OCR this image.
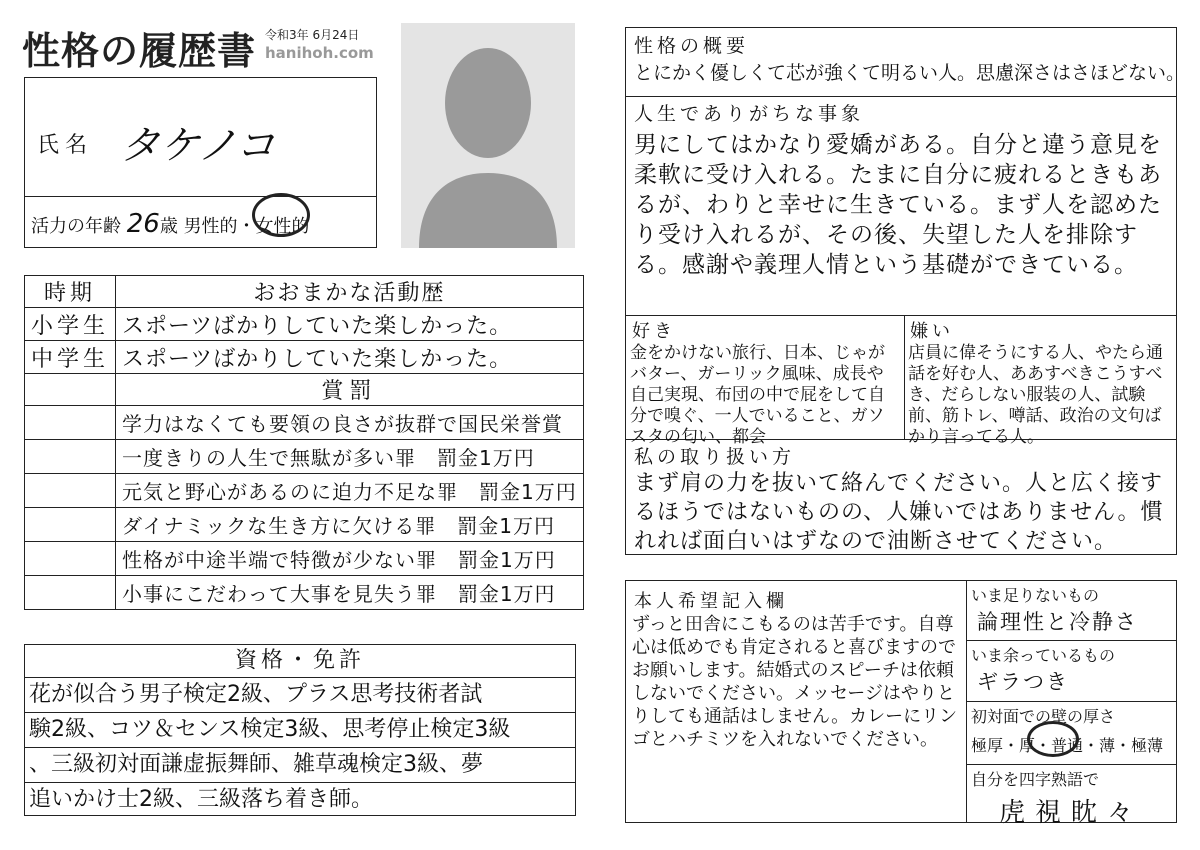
性格の履歴書 令和3年 6月24日
hanihoh.com
氏名 タケノコ
活力の年齢 26歳 男性的・女性的
時期	おおまかな活動歴
小学生	スポーツばかりしていた楽しかった。
中学生	スポーツばかりしていた楽しかった。
	賞罰
	学力はなくても要領の良さが抜群で国民栄誉賞
	一度きりの人生で無駄が多い罪　罰金1万円
	元気と野心があるのに迫力不足な罪　罰金1万円
	ダイナミックな生き方に欠ける罪　罰金1万円
	性格が中途半端で特徴が少ない罪　罰金1万円
	小事にこだわって大事を見失う罪　罰金1万円
資格・免許
花が似合う男子検定2級、プラス思考技術者試
験2級、コツ＆センス検定3級、思考停止検定3級
、三級初対面謙虚振舞師、雑草魂検定3級、夢
追いかけ士2級、三級落ち着き師。
性格の概要
とにかく優しくて芯が強くて明るい人。思慮深さはさほどない。
人生でありがちな事象
男にしてはかなり愛嬌がある。自分と違う意見を柔軟に受け入れる。たまに自分に疲れるときもあるが、わりと幸せに生きている。まず人を認めたり受け入れるが、その後、失望した人を排除する。感謝や義理人情という基礎ができている。
好き
金をかけない旅行、日本、じゃがバター、ガーリック風味、成長や自己実現、布団の中で屁をして自分で嗅ぐ、一人でいること、ガソスタの匂い、都会
嫌い
店員に偉そうにする人、やたら通話を好む人、ああすべきこうすべき、だらしない服装の人、試験前、筋トレ、噂話、政治の文句ばかり言ってる人。
私の取り扱い方
まず肩の力を抜いて絡んでください。人と広く接するほうではないものの、人嫌いではありません。慣れれば面白いはずなので油断させてください。
本人希望記入欄
ずっと田舎にこもるのは苦手です。自尊心は低めでも肯定されると喜びますのでお願いします。結婚式のスピーチは依頼しないでください。メッセージはやりとりしても通話はしません。カレーにリンゴとハチミツを入れないでください。
いま足りないもの
論理性と冷静さ
いま余っているもの
ギラつき
初対面での壁の厚さ
極厚・厚・普通・薄・極薄
自分を四字熟語で
虎視眈々
